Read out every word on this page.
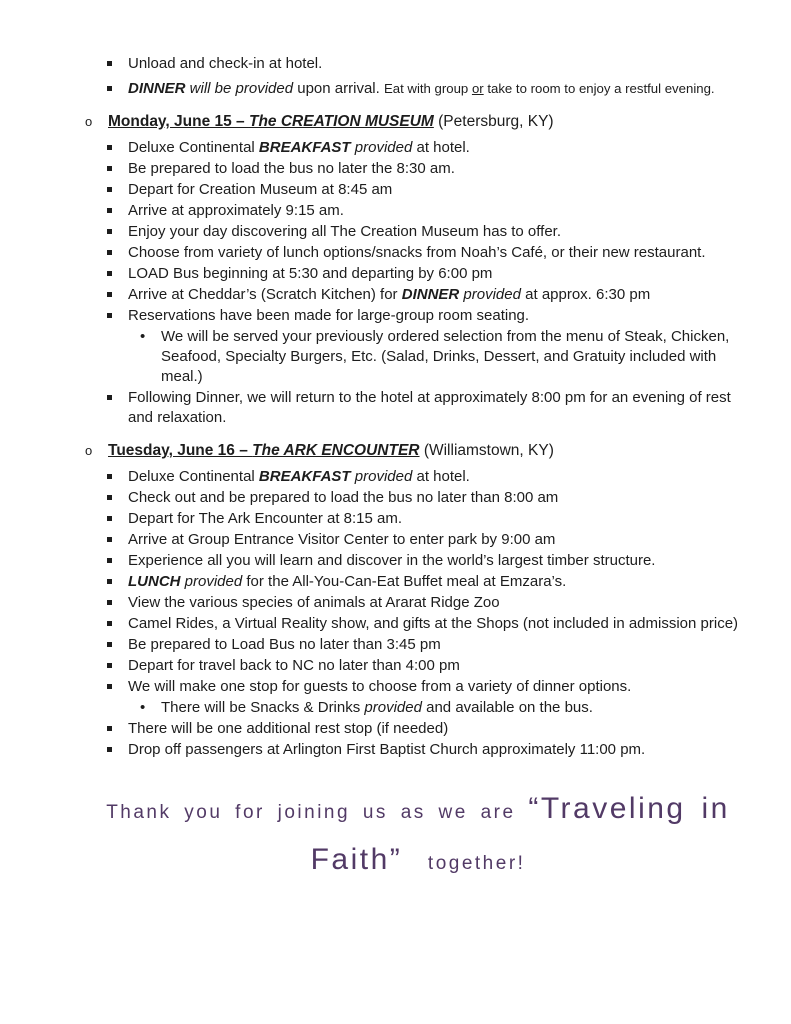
Unload and check-in at hotel.
DINNER will be provided upon arrival. Eat with group or take to room to enjoy a restful evening.
o	Monday, June 15 – The CREATION MUSEUM (Petersburg, KY)
Deluxe Continental BREAKFAST provided at hotel.
Be prepared to load the bus no later the 8:30 am.
Depart for Creation Museum at 8:45 am
Arrive at approximately 9:15 am.
Enjoy your day discovering all The Creation Museum has to offer.
Choose from variety of lunch options/snacks from Noah’s Café, or their new restaurant.
LOAD Bus beginning at 5:30 and departing by 6:00 pm
Arrive at Cheddar’s (Scratch Kitchen) for DINNER provided at approx. 6:30 pm
Reservations have been made for large-group room seating.
•	We will be served your previously ordered selection from the menu of Steak, Chicken, Seafood, Specialty Burgers, Etc. (Salad, Drinks, Dessert, and Gratuity included with meal.)
Following Dinner, we will return to the hotel at approximately 8:00 pm for an evening of rest and relaxation.
o	Tuesday, June 16 – The ARK ENCOUNTER (Williamstown, KY)
Deluxe Continental BREAKFAST provided at hotel.
Check out and be prepared to load the bus no later than 8:00 am
Depart for The Ark Encounter at 8:15 am.
Arrive at Group Entrance Visitor Center to enter park by 9:00 am
Experience all you will learn and discover in the world’s largest timber structure.
LUNCH provided for the All-You-Can-Eat Buffet meal at Emzara’s.
View the various species of animals at Ararat Ridge Zoo
Camel Rides, a Virtual Reality show, and gifts at the Shops (not included in admission price)
Be prepared to Load Bus no later than 3:45 pm
Depart for travel back to NC no later than 4:00 pm
We will make one stop for guests to choose from a variety of dinner options.
•	There will be Snacks & Drinks provided and available on the bus.
There will be one additional rest stop (if needed)
Drop off passengers at Arlington First Baptist Church approximately 11:00 pm.
Thank you for joining us as we are “Traveling in
Faith” together!
